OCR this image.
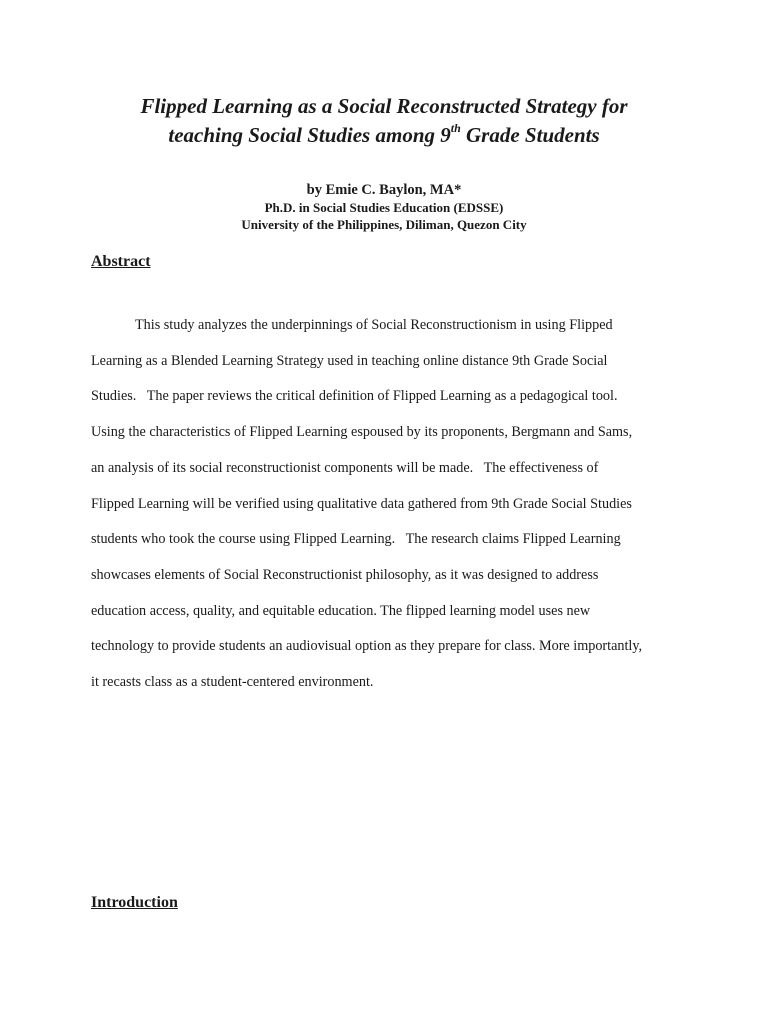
Flipped Learning as a Social Reconstructed Strategy for
teaching Social Studies among 9th Grade Students

by Emie C. Baylon, MA*

Ph.D. in Social Studies Education (EDSSE)

University of the Philippines, Diliman, Quezon City

Abstract

This study analyzes the underpinnings of Social Reconstructionism in using Flipped
Learning as a Blended Learning Strategy used in teaching online distance 9th Grade Social
Studies.   The paper reviews the critical definition of Flipped Learning as a pedagogical tool.
Using the characteristics of Flipped Learning espoused by its proponents, Bergmann and Sams,
an analysis of its social reconstructionist components will be made.   The effectiveness of
Flipped Learning will be verified using qualitative data gathered from 9th Grade Social Studies
students who took the course using Flipped Learning.   The research claims Flipped Learning
showcases elements of Social Reconstructionist philosophy, as it was designed to address
education access, quality, and equitable education. The flipped learning model uses new
technology to provide students an audiovisual option as they prepare for class. More importantly,
it recasts class as a student-centered environment.

Introduction
